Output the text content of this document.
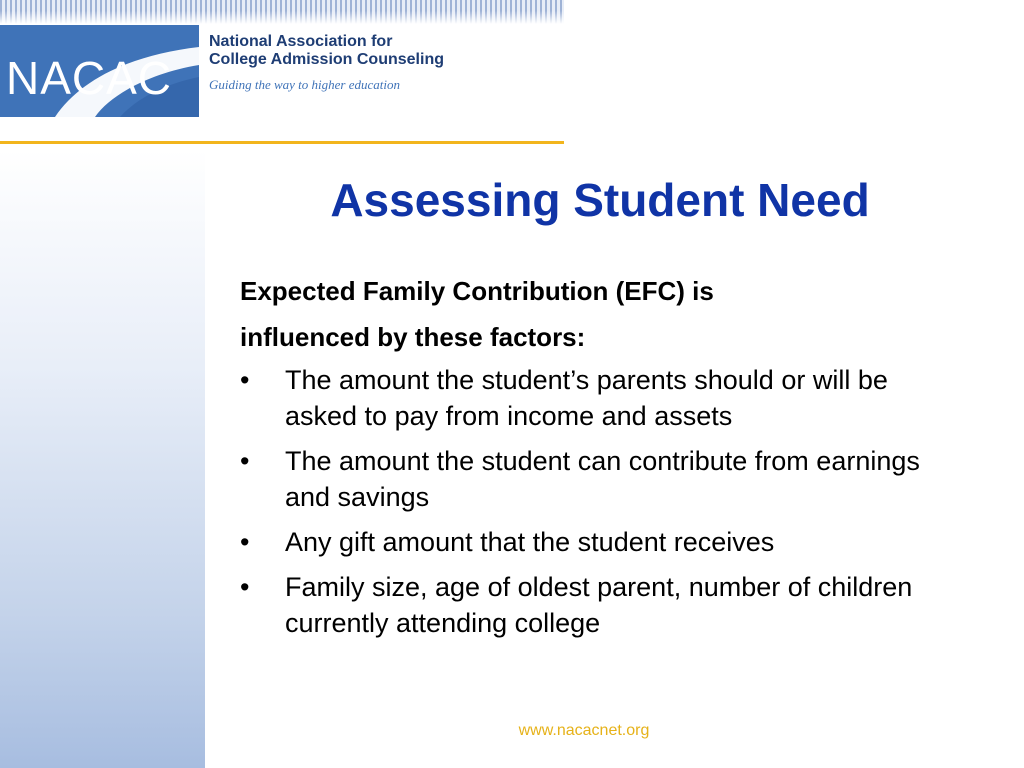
NACAC
National Association for
College Admission Counseling
Guiding the way to higher education
Assessing Student Need
Expected Family Contribution (EFC) is
influenced by these factors:
•	The amount the student’s parents should or will be asked to pay from income and assets
•	The amount the student can contribute from earnings and savings
•	Any gift amount that the student receives
•	Family size, age of oldest parent, number of children currently attending college
www.nacacnet.org
